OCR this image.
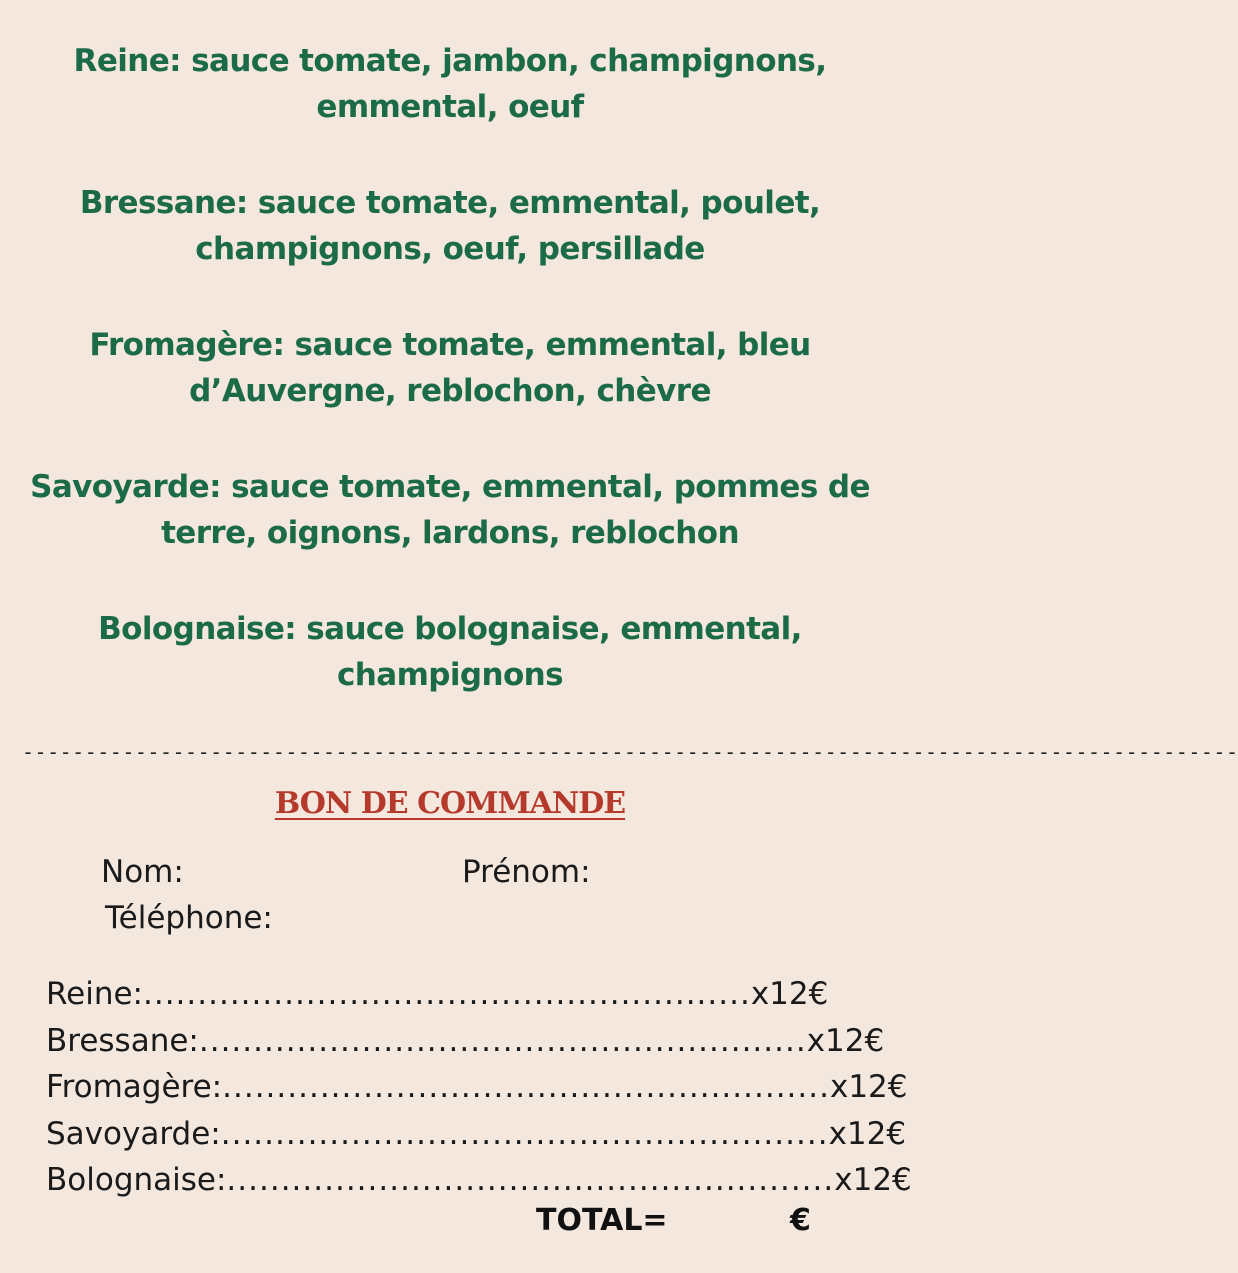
Reine: sauce tomate, jambon, champignons,
emmental, oeuf
Bressane: sauce tomate, emmental, poulet,
champignons, oeuf, persillade
Fromagère: sauce tomate, emmental, bleu
d’Auvergne, reblochon, chèvre
Savoyarde: sauce tomate, emmental, pommes de
terre, oignons, lardons, reblochon
Bolognaise: sauce bolognaise, emmental,
champignons
-------------------------------------------------------------------------------------------------
BON DE COMMANDE
Nom:	Prénom:
Téléphone:
Reine: ........................................................ x12€
Bressane: ........................................................ x12€
Fromagère: ........................................................ x12€
Savoyarde: ........................................................ x12€
Bolognaise: ........................................................ x12€
TOTAL=	€
